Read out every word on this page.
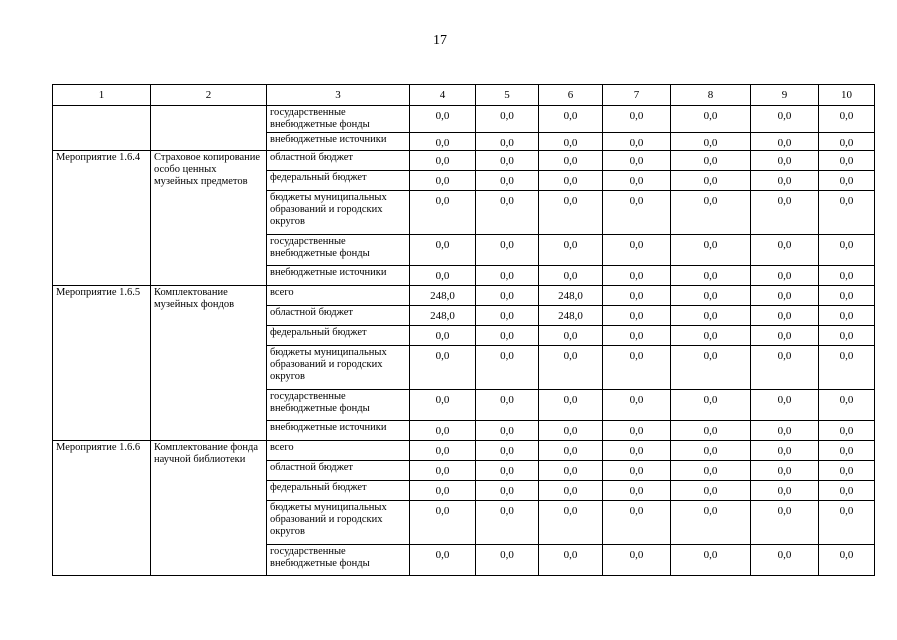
17
1	2	3	4	5	6	7	8	9	10
		государственные внебюджетные фонды	0,0	0,0	0,0	0,0	0,0	0,0	0,0
		внебюджетные источники	0,0	0,0	0,0	0,0	0,0	0,0	0,0
Мероприятие 1.6.4	Страховое копирование особо ценных музейных предметов	областной бюджет	0,0	0,0	0,0	0,0	0,0	0,0	0,0
		федеральный бюджет	0,0	0,0	0,0	0,0	0,0	0,0	0,0
		бюджеты муниципальных образований и городских округов	0,0	0,0	0,0	0,0	0,0	0,0	0,0
		государственные внебюджетные фонды	0,0	0,0	0,0	0,0	0,0	0,0	0,0
		внебюджетные источники	0,0	0,0	0,0	0,0	0,0	0,0	0,0
Мероприятие 1.6.5	Комплектование музейных фондов	всего	248,0	0,0	248,0	0,0	0,0	0,0	0,0
		областной бюджет	248,0	0,0	248,0	0,0	0,0	0,0	0,0
		федеральный бюджет	0,0	0,0	0,0	0,0	0,0	0,0	0,0
		бюджеты муниципальных образований и городских округов	0,0	0,0	0,0	0,0	0,0	0,0	0,0
		государственные внебюджетные фонды	0,0	0,0	0,0	0,0	0,0	0,0	0,0
		внебюджетные источники	0,0	0,0	0,0	0,0	0,0	0,0	0,0
Мероприятие 1.6.6	Комплектование фонда научной библиотеки	всего	0,0	0,0	0,0	0,0	0,0	0,0	0,0
		областной бюджет	0,0	0,0	0,0	0,0	0,0	0,0	0,0
		федеральный бюджет	0,0	0,0	0,0	0,0	0,0	0,0	0,0
		бюджеты муниципальных образований и городских округов	0,0	0,0	0,0	0,0	0,0	0,0	0,0
		государственные внебюджетные фонды	0,0	0,0	0,0	0,0	0,0	0,0	0,0
